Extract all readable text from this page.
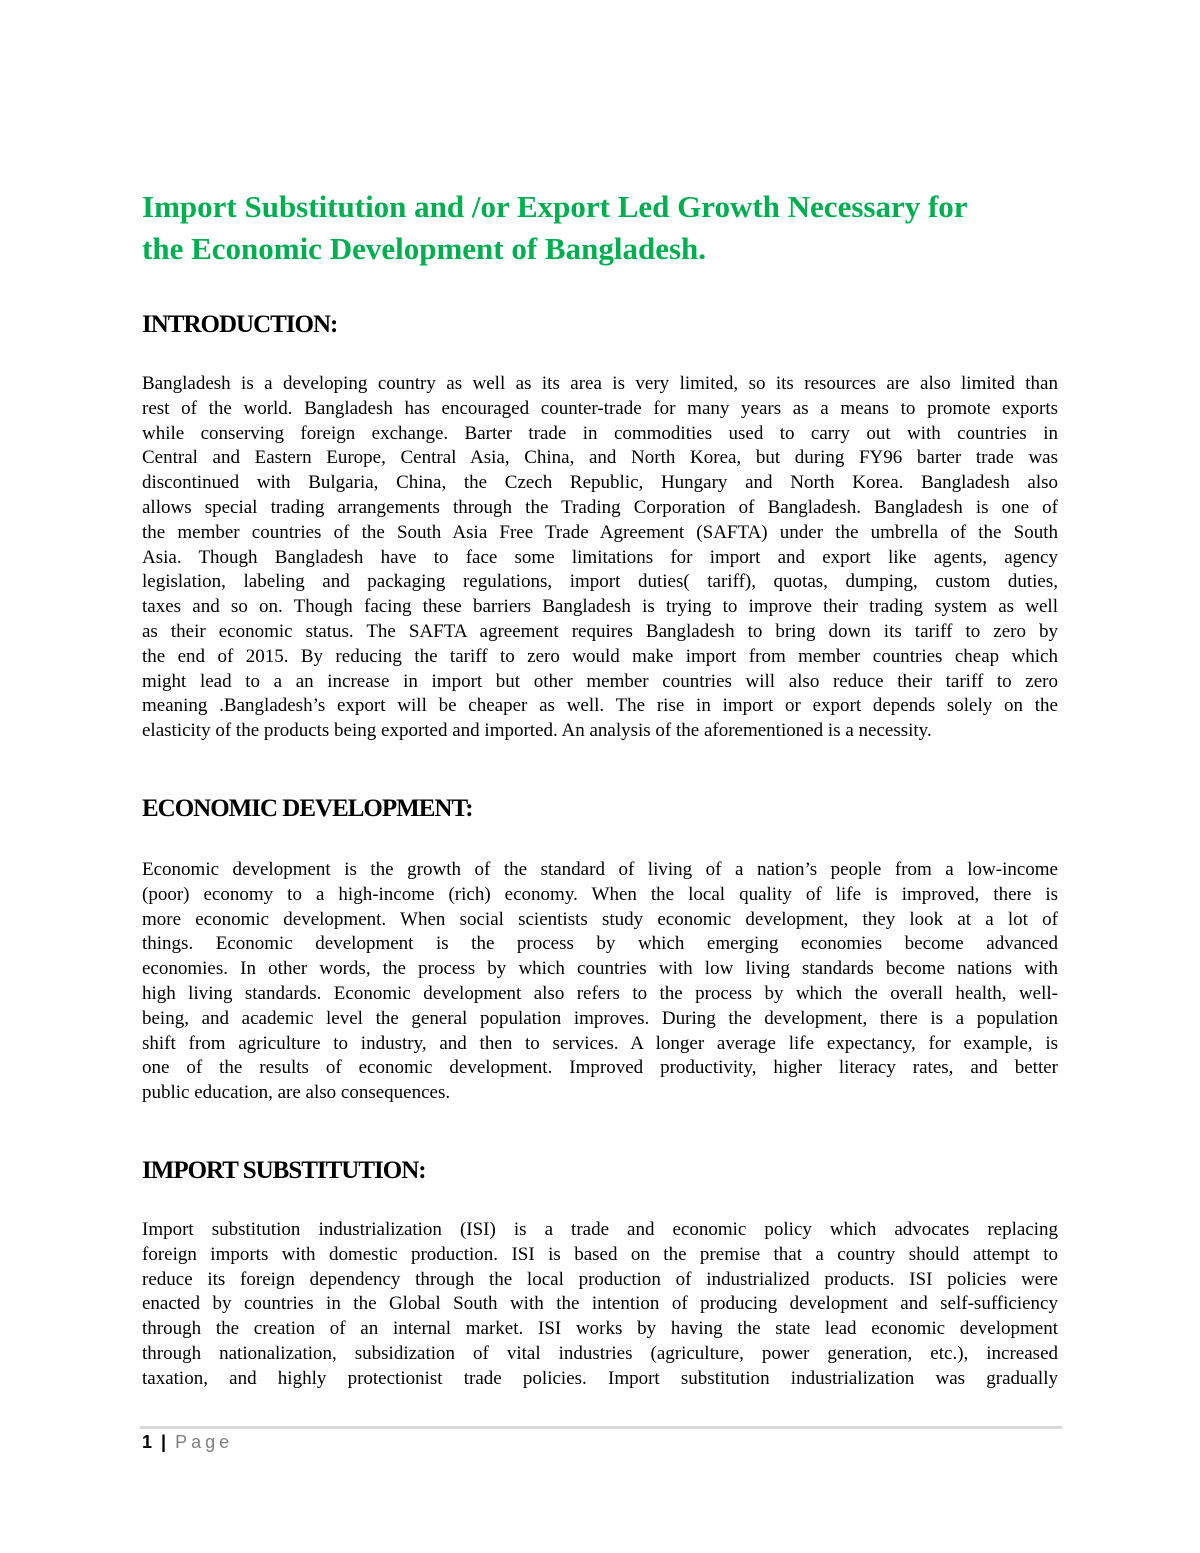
Import Substitution and /or Export Led Growth Necessary for
the Economic Development of Bangladesh.
INTRODUCTION:
Bangladesh is a developing country as well as its area is very limited, so its resources are also limited than
rest of the world. Bangladesh has encouraged counter-trade for many years as a means to promote exports
while conserving foreign exchange. Barter trade in commodities used to carry out with countries in
Central and Eastern Europe, Central Asia, China, and North Korea, but during FY96 barter trade was
discontinued with Bulgaria, China, the Czech Republic, Hungary and North Korea. Bangladesh also
allows special trading arrangements through the Trading Corporation of Bangladesh. Bangladesh is one of
the member countries of the South Asia Free Trade Agreement (SAFTA) under the umbrella of the South
Asia. Though Bangladesh have to face some limitations for import and export like agents, agency
legislation, labeling and packaging regulations, import duties( tariff), quotas, dumping, custom duties,
taxes and so on. Though facing these barriers Bangladesh is trying to improve their trading system as well
as their economic status. The SAFTA agreement requires Bangladesh to bring down its tariff to zero by
the end of 2015. By reducing the tariff to zero would make import from member countries cheap which
might lead to a an increase in import but other member countries will also reduce their tariff to zero
meaning .Bangladesh’s export will be cheaper as well. The rise in import or export depends solely on the
elasticity of the products being exported and imported. An analysis of the aforementioned is a necessity.
ECONOMIC DEVELOPMENT:
Economic development is the growth of the standard of living of a nation’s people from a low-income
(poor) economy to a high-income (rich) economy. When the local quality of life is improved, there is
more economic development. When social scientists study economic development, they look at a lot of
things. Economic development is the process by which emerging economies become advanced
economies. In other words, the process by which countries with low living standards become nations with
high living standards. Economic development also refers to the process by which the overall health, well-
being, and academic level the general population improves. During the development, there is a population
shift from agriculture to industry, and then to services. A longer average life expectancy, for example, is
one of the results of economic development. Improved productivity, higher literacy rates, and better
public education, are also consequences.
IMPORT SUBSTITUTION:
Import substitution industrialization (ISI) is a trade and economic policy which advocates replacing
foreign imports with domestic production. ISI is based on the premise that a country should attempt to
reduce its foreign dependency through the local production of industrialized products. ISI policies were
enacted by countries in the Global South with the intention of producing development and self-sufficiency
through the creation of an internal market. ISI works by having the state lead economic development
through nationalization, subsidization of vital industries (agriculture, power generation, etc.), increased
taxation, and highly protectionist trade policies. Import substitution industrialization was gradually
1 | Page
